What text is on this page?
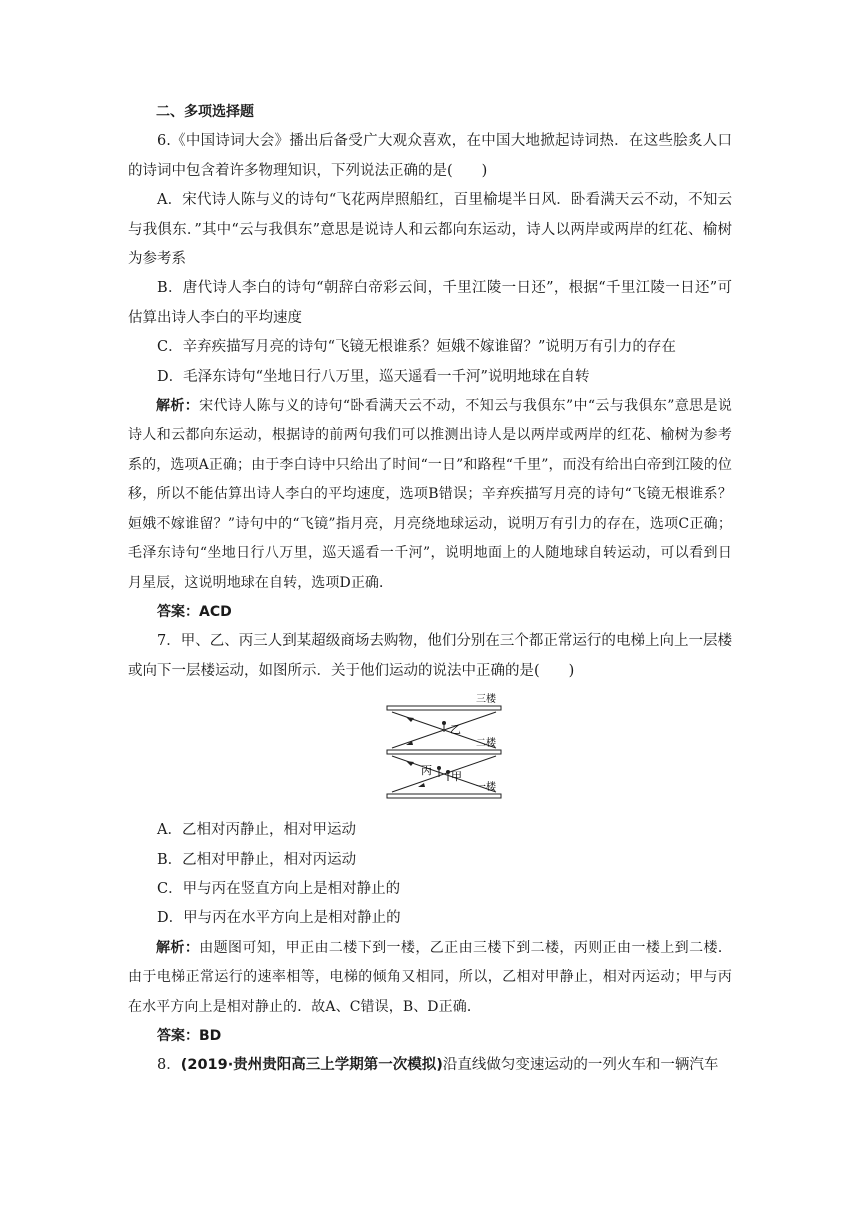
二、多项选择题

6.《中国诗词大会》播出后备受广大观众喜欢，在中国大地掀起诗词热．在这些脍炙人口的诗词中包含着许多物理知识，下列说法正确的是(　　)

A．宋代诗人陈与义的诗句“飞花两岸照船红，百里榆堤半日风．卧看满天云不动，不知云与我俱东．”其中“云与我俱东”意思是说诗人和云都向东运动，诗人以两岸或两岸的红花、榆树为参考系

B．唐代诗人李白的诗句“朝辞白帝彩云间，千里江陵一日还”，根据“千里江陵一日还”可估算出诗人李白的平均速度

C．辛弃疾描写月亮的诗句“飞镜无根谁系？姮娥不嫁谁留？”说明万有引力的存在

D．毛泽东诗句“坐地日行八万里，巡天遥看一千河”说明地球在自转

解析：宋代诗人陈与义的诗句“卧看满天云不动，不知云与我俱东”中“云与我俱东”意思是说诗人和云都向东运动，根据诗的前两句我们可以推测出诗人是以两岸或两岸的红花、榆树为参考系的，选项A正确；由于李白诗中只给出了时间“一日”和路程“千里”，而没有给出白帝到江陵的位移，所以不能估算出诗人李白的平均速度，选项B错误；辛弃疾描写月亮的诗句“飞镜无根谁系？姮娥不嫁谁留？”诗句中的“飞镜”指月亮，月亮绕地球运动，说明万有引力的存在，选项C正确；毛泽东诗句“坐地日行八万里，巡天遥看一千河”，说明地面上的人随地球自转运动，可以看到日月星辰，这说明地球在自转，选项D正确．

答案：ACD

7．甲、乙、丙三人到某超级商场去购物，他们分别在三个都正常运行的电梯上向上一层楼或向下一层楼运动，如图所示．关于他们运动的说法中正确的是(　　)

三楼
二楼
一楼
乙
丙 甲

A．乙相对丙静止，相对甲运动

B．乙相对甲静止，相对丙运动

C．甲与丙在竖直方向上是相对静止的

D．甲与丙在水平方向上是相对静止的

解析：由题图可知，甲正由二楼下到一楼，乙正由三楼下到二楼，丙则正由一楼上到二楼．由于电梯正常运行的速率相等，电梯的倾角又相同，所以，乙相对甲静止，相对丙运动；甲与丙在水平方向上是相对静止的．故A、C错误，B、D正确．

答案：BD

8．(2019·贵州贵阳高三上学期第一次模拟)沿直线做匀变速运动的一列火车和一辆汽车
